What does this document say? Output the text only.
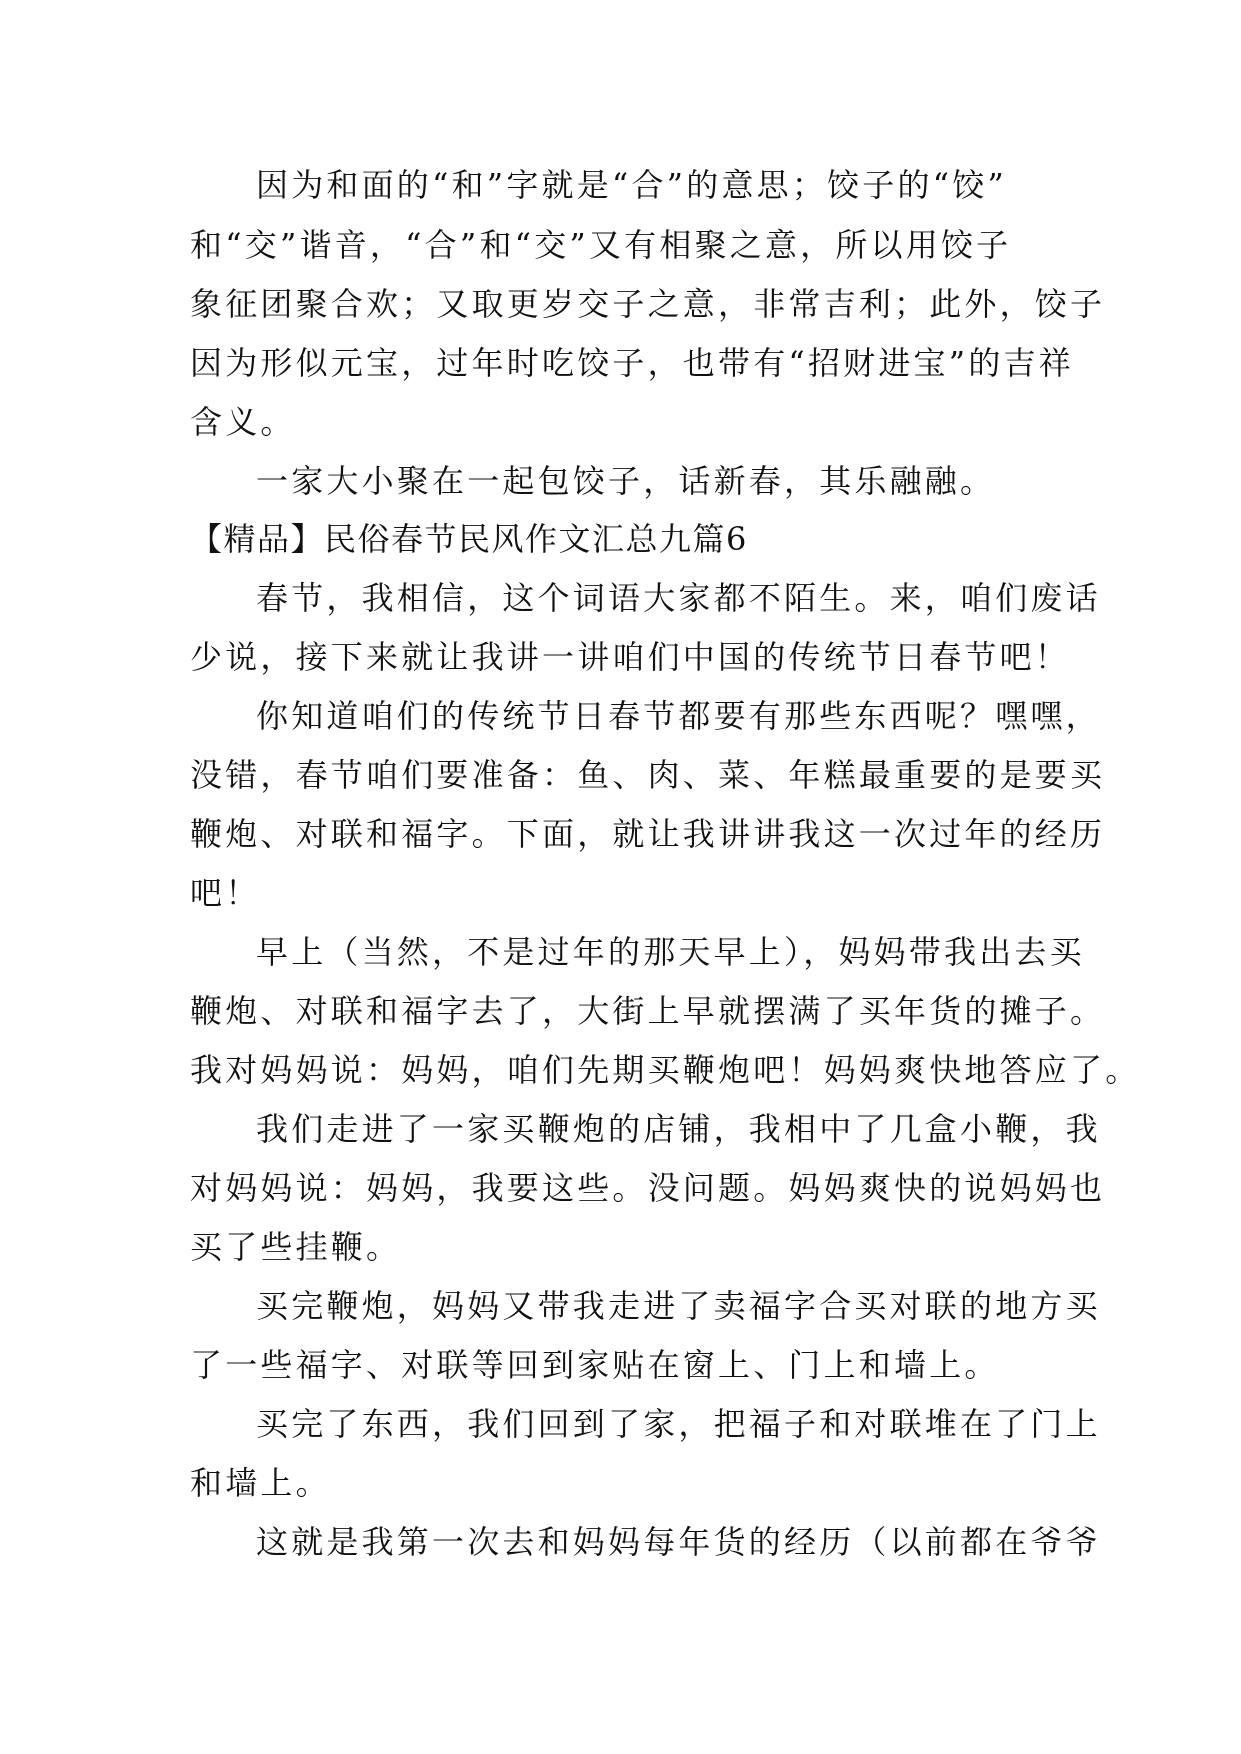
因为和面的“和”字就是“合”的意思；饺子的“饺”
和“交”谐音，“合”和“交”又有相聚之意，所以用饺子
象征团聚合欢；又取更岁交子之意，非常吉利；此外，饺子
因为形似元宝，过年时吃饺子，也带有“招财进宝”的吉祥
含义。
一家大小聚在一起包饺子，话新春，其乐融融。
【精品】民俗春节民风作文汇总九篇6
春节，我相信，这个词语大家都不陌生。来，咱们废话
少说，接下来就让我讲一讲咱们中国的传统节日春节吧！
你知道咱们的传统节日春节都要有那些东西呢？嘿嘿，
没错，春节咱们要准备：鱼、肉、菜、年糕最重要的是要买
鞭炮、对联和福字。下面，就让我讲讲我这一次过年的经历
吧！
早上（当然，不是过年的那天早上），妈妈带我出去买
鞭炮、对联和福字去了，大街上早就摆满了买年货的摊子。
我对妈妈说：妈妈，咱们先期买鞭炮吧！妈妈爽快地答应了。
我们走进了一家买鞭炮的店铺，我相中了几盒小鞭，我
对妈妈说：妈妈，我要这些。没问题。妈妈爽快的说妈妈也
买了些挂鞭。
买完鞭炮，妈妈又带我走进了卖福字合买对联的地方买
了一些福字、对联等回到家贴在窗上、门上和墙上。
买完了东西，我们回到了家，把福子和对联堆在了门上
和墙上。
这就是我第一次去和妈妈每年货的经历（以前都在爷爷
